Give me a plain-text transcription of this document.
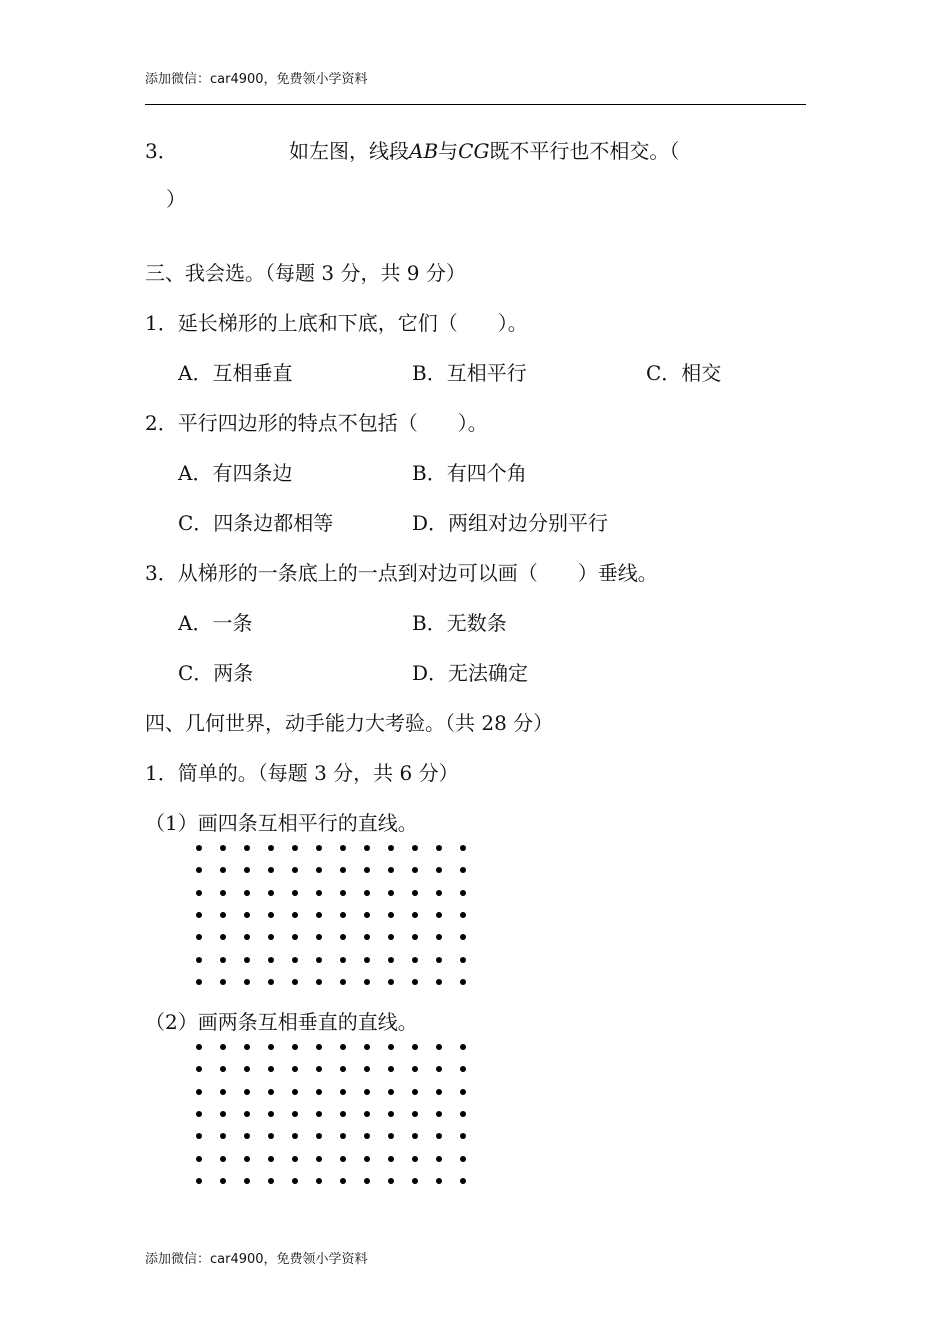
添加微信：car4900，免费领小学资料
3．	如左图，线段AB与CG既不平行也不相交。（
）
三、我会选。（每题 3 分，共 9 分）
1．延长梯形的上底和下底，它们（　　）。
A．互相垂直	B．互相平行	C．相交
2．平行四边形的特点不包括（　　）。
A．有四条边	B．有四个角
C．四条边都相等	D．两组对边分别平行
3．从梯形的一条底上的一点到对边可以画（　　）垂线。
A．一条	B．无数条
C．两条	D．无法确定
四、几何世界，动手能力大考验。（共 28 分）
1．简单的。（每题 3 分，共 6 分）
（1）画四条互相平行的直线。
（2）画两条互相垂直的直线。
添加微信：car4900，免费领小学资料
